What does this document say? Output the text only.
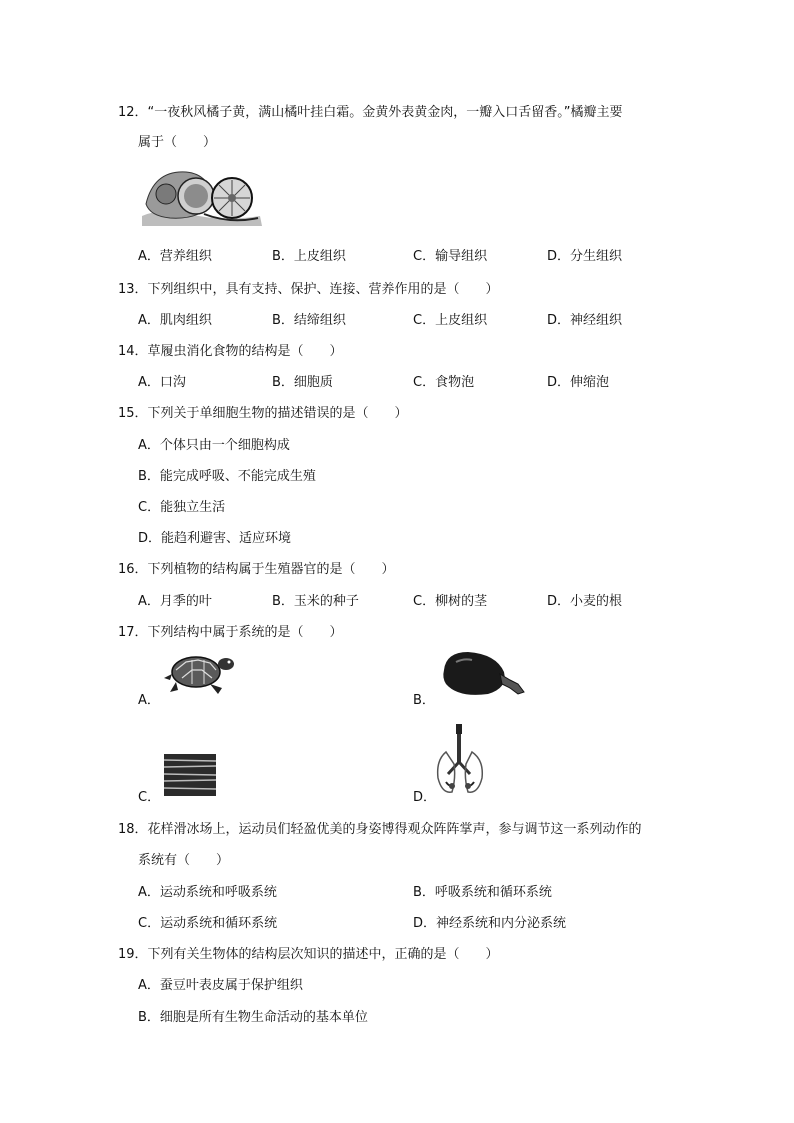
12．“一夜秋风橘子黄，满山橘叶挂白霜。金黄外表黄金肉，一瓣入口舌留香。”橘瓣主要
属于（　　）
A．营养组织	B．上皮组织	C．输导组织	D．分生组织
13．下列组织中，具有支持、保护、连接、营养作用的是（　　）
A．肌肉组织	B．结缔组织	C．上皮组织	D．神经组织
14．草履虫消化食物的结构是（　　）
A．口沟	B．细胞质	C．食物泡	D．伸缩泡
15．下列关于单细胞生物的描述错误的是（　　）
A．个体只由一个细胞构成
B．能完成呼吸、不能完成生殖
C．能独立生活
D．能趋利避害、适应环境
16．下列植物的结构属于生殖器官的是（　　）
A．月季的叶	B．玉米的种子	C．柳树的茎	D．小麦的根
17．下列结构中属于系统的是（　　）
A．	B．
C．	D．
18．花样滑冰场上，运动员们轻盈优美的身姿博得观众阵阵掌声，参与调节这一系列动作的
系统有（　　）
A．运动系统和呼吸系统	B．呼吸系统和循环系统
C．运动系统和循环系统	D．神经系统和内分泌系统
19．下列有关生物体的结构层次知识的描述中，正确的是（　　）
A．蚕豆叶表皮属于保护组织
B．细胞是所有生物生命活动的基本单位
